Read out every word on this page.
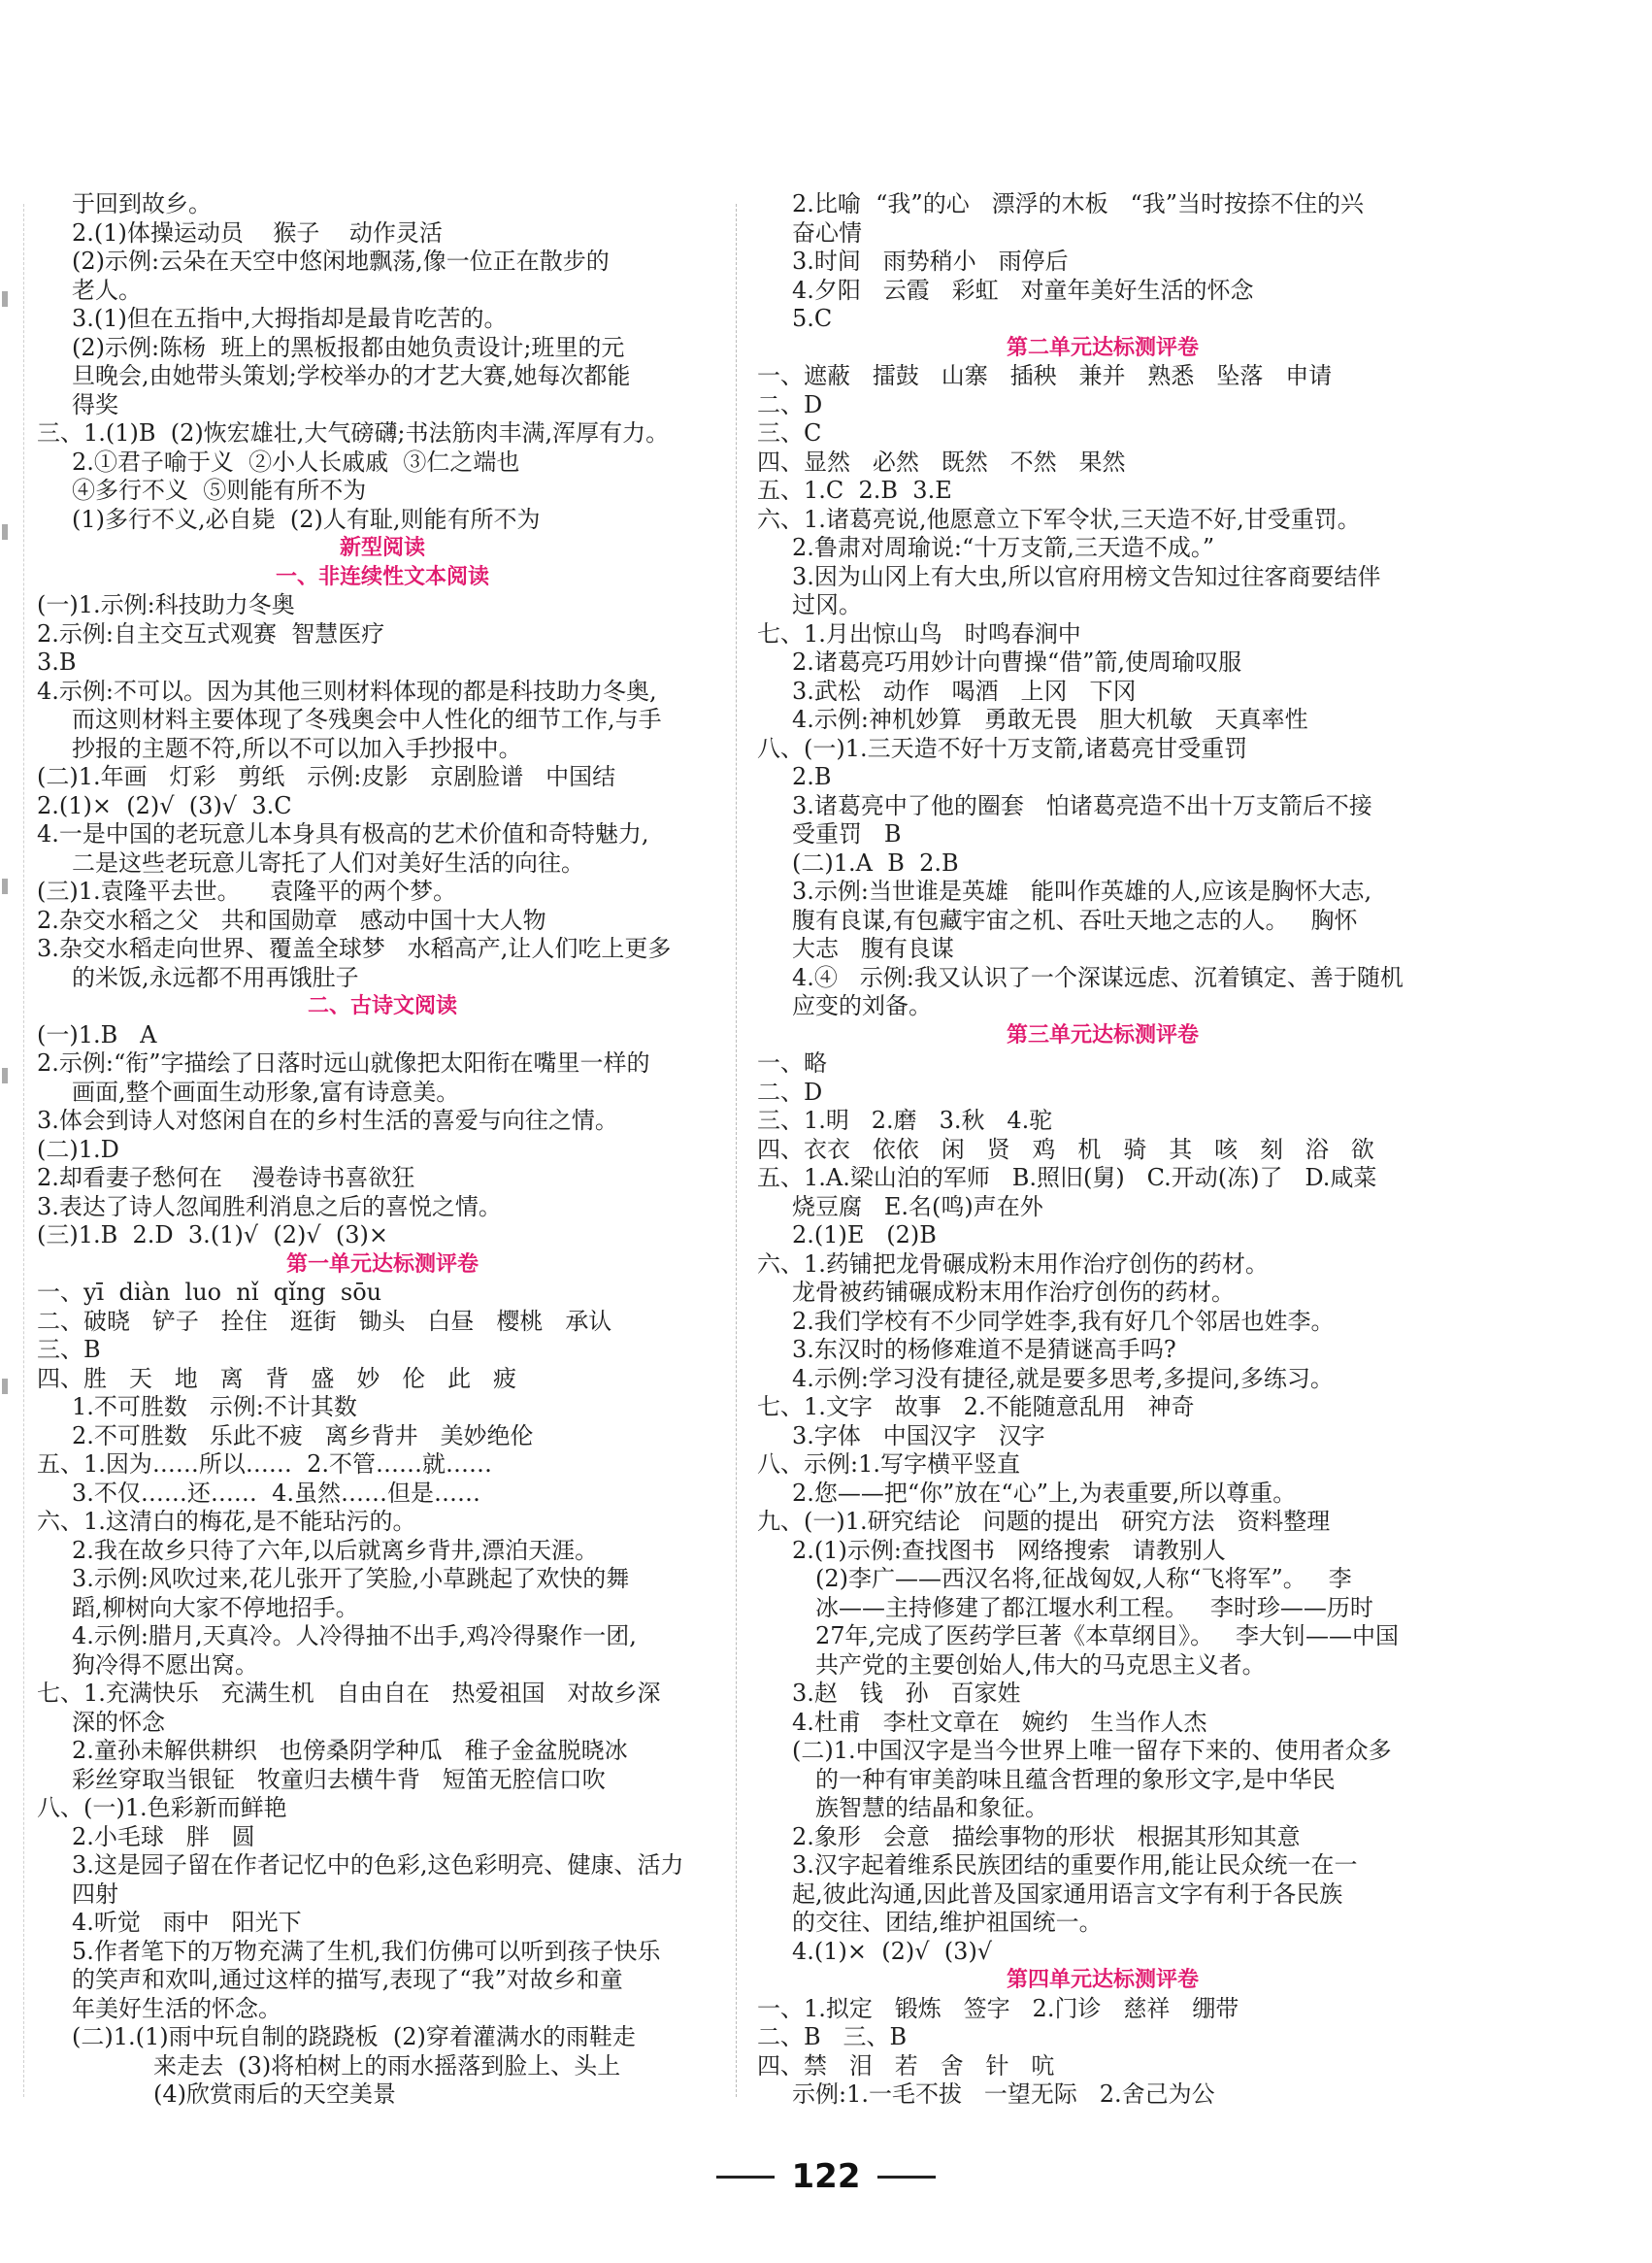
于回到故乡。
2.(1)体操运动员    猴子    动作灵活
(2)示例:云朵在天空中悠闲地飘荡,像一位正在散步的
老人。
3.(1)但在五指中,大拇指却是最肯吃苦的。
(2)示例:陈杨  班上的黑板报都由她负责设计;班里的元
旦晚会,由她带头策划;学校举办的才艺大赛,她每次都能
得奖
三、1.(1)B  (2)恢宏雄壮,大气磅礴;书法筋肉丰满,浑厚有力。
2.①君子喻于义  ②小人长戚戚  ③仁之端也
④多行不义  ⑤则能有所不为
(1)多行不义,必自毙  (2)人有耻,则能有所不为
新型阅读
一、非连续性文本阅读
(一)1.示例:科技助力冬奥
2.示例:自主交互式观赛  智慧医疗
3.B
4.示例:不可以。因为其他三则材料体现的都是科技助力冬奥,
而这则材料主要体现了冬残奥会中人性化的细节工作,与手
抄报的主题不符,所以不可以加入手抄报中。
(二)1.年画   灯彩   剪纸   示例:皮影   京剧脸谱   中国结
2.(1)×  (2)√  (3)√  3.C
4.一是中国的老玩意儿本身具有极高的艺术价值和奇特魅力,
二是这些老玩意儿寄托了人们对美好生活的向往。
(三)1.袁隆平去世。    袁隆平的两个梦。
2.杂交水稻之父   共和国勋章   感动中国十大人物
3.杂交水稻走向世界、覆盖全球梦   水稻高产,让人们吃上更多
的米饭,永远都不用再饿肚子
二、古诗文阅读
(一)1.B   A
2.示例:“衔”字描绘了日落时远山就像把太阳衔在嘴里一样的
画面,整个画面生动形象,富有诗意美。
3.体会到诗人对悠闲自在的乡村生活的喜爱与向往之情。
(二)1.D
2.却看妻子愁何在    漫卷诗书喜欲狂
3.表达了诗人忽闻胜利消息之后的喜悦之情。
(三)1.B  2.D  3.(1)√  (2)√  (3)×
第一单元达标测评卷
一、yī  diàn  luo  nǐ  qǐng  sōu
二、破晓   铲子   拴住   逛街   锄头   白昼   樱桃   承认
三、B
四、胜   天   地   离   背   盛   妙   伦   此   疲
1.不可胜数   示例:不计其数
2.不可胜数   乐此不疲   离乡背井   美妙绝伦
五、1.因为……所以……  2.不管……就……
3.不仅……还……  4.虽然……但是……
六、1.这清白的梅花,是不能玷污的。
2.我在故乡只待了六年,以后就离乡背井,漂泊天涯。
3.示例:风吹过来,花儿张开了笑脸,小草跳起了欢快的舞
蹈,柳树向大家不停地招手。
4.示例:腊月,天真冷。人冷得抽不出手,鸡冷得聚作一团,
狗冷得不愿出窝。
七、1.充满快乐   充满生机   自由自在   热爱祖国   对故乡深
深的怀念
2.童孙未解供耕织   也傍桑阴学种瓜   稚子金盆脱晓冰
彩丝穿取当银钲   牧童归去横牛背   短笛无腔信口吹
八、(一)1.色彩新而鲜艳
2.小毛球   胖   圆
3.这是园子留在作者记忆中的色彩,这色彩明亮、健康、活力
四射
4.听觉   雨中   阳光下
5.作者笔下的万物充满了生机,我们仿佛可以听到孩子快乐
的笑声和欢叫,通过这样的描写,表现了“我”对故乡和童
年美好生活的怀念。
(二)1.(1)雨中玩自制的跷跷板  (2)穿着灌满水的雨鞋走
来走去  (3)将柏树上的雨水摇落到脸上、头上
(4)欣赏雨后的天空美景
2.比喻  “我”的心   漂浮的木板   “我”当时按捺不住的兴
奋心情
3.时间   雨势稍小   雨停后
4.夕阳   云霞   彩虹   对童年美好生活的怀念
5.C
第二单元达标测评卷
一、遮蔽   擂鼓   山寨   插秧   兼并   熟悉   坠落   申请
二、D
三、C
四、显然   必然   既然   不然   果然
五、1.C  2.B  3.E
六、1.诸葛亮说,他愿意立下军令状,三天造不好,甘受重罚。
2.鲁肃对周瑜说:“十万支箭,三天造不成。”
3.因为山冈上有大虫,所以官府用榜文告知过往客商要结伴
过冈。
七、1.月出惊山鸟   时鸣春涧中
2.诸葛亮巧用妙计向曹操“借”箭,使周瑜叹服
3.武松   动作   喝酒   上冈   下冈
4.示例:神机妙算   勇敢无畏   胆大机敏   天真率性
八、(一)1.三天造不好十万支箭,诸葛亮甘受重罚
2.B
3.诸葛亮中了他的圈套   怕诸葛亮造不出十万支箭后不接
受重罚   B
(二)1.A  B  2.B
3.示例:当世谁是英雄   能叫作英雄的人,应该是胸怀大志,
腹有良谋,有包藏宇宙之机、吞吐天地之志的人。   胸怀
大志   腹有良谋
4.④   示例:我又认识了一个深谋远虑、沉着镇定、善于随机
应变的刘备。
第三单元达标测评卷
一、略
二、D
三、1.明   2.磨   3.秋   4.驼
四、衣衣   依依   闲   贤   鸡   机   骑   其   咳   刻   浴   欲
五、1.A.梁山泊的军师   B.照旧(舅)   C.开动(冻)了   D.咸菜
烧豆腐   E.名(鸣)声在外
2.(1)E   (2)B
六、1.药铺把龙骨碾成粉末用作治疗创伤的药材。
龙骨被药铺碾成粉末用作治疗创伤的药材。
2.我们学校有不少同学姓李,我有好几个邻居也姓李。
3.东汉时的杨修难道不是猜谜高手吗?
4.示例:学习没有捷径,就是要多思考,多提问,多练习。
七、1.文字   故事   2.不能随意乱用   神奇
3.字体   中国汉字   汉字
八、示例:1.写字横平竖直
2.您——把“你”放在“心”上,为表重要,所以尊重。
九、(一)1.研究结论   问题的提出   研究方法   资料整理
2.(1)示例:查找图书   网络搜索   请教别人
(2)李广——西汉名将,征战匈奴,人称“飞将军”。   李
冰——主持修建了都江堰水利工程。   李时珍——历时
27年,完成了医药学巨著《本草纲目》。   李大钊——中国
共产党的主要创始人,伟大的马克思主义者。
3.赵   钱   孙   百家姓
4.杜甫   李杜文章在   婉约   生当作人杰
(二)1.中国汉字是当今世界上唯一留存下来的、使用者众多
的一种有审美韵味且蕴含哲理的象形文字,是中华民
族智慧的结晶和象征。
2.象形   会意   描绘事物的形状   根据其形知其意
3.汉字起着维系民族团结的重要作用,能让民众统一在一
起,彼此沟通,因此普及国家通用语言文字有利于各民族
的交往、团结,维护祖国统一。
4.(1)×  (2)√  (3)√
第四单元达标测评卷
一、1.拟定   锻炼   签字   2.门诊   慈祥   绷带
二、B   三、B
四、禁   泪   若   舍   针   吭
示例:1.一毛不拔   一望无际   2.舍己为公
122
